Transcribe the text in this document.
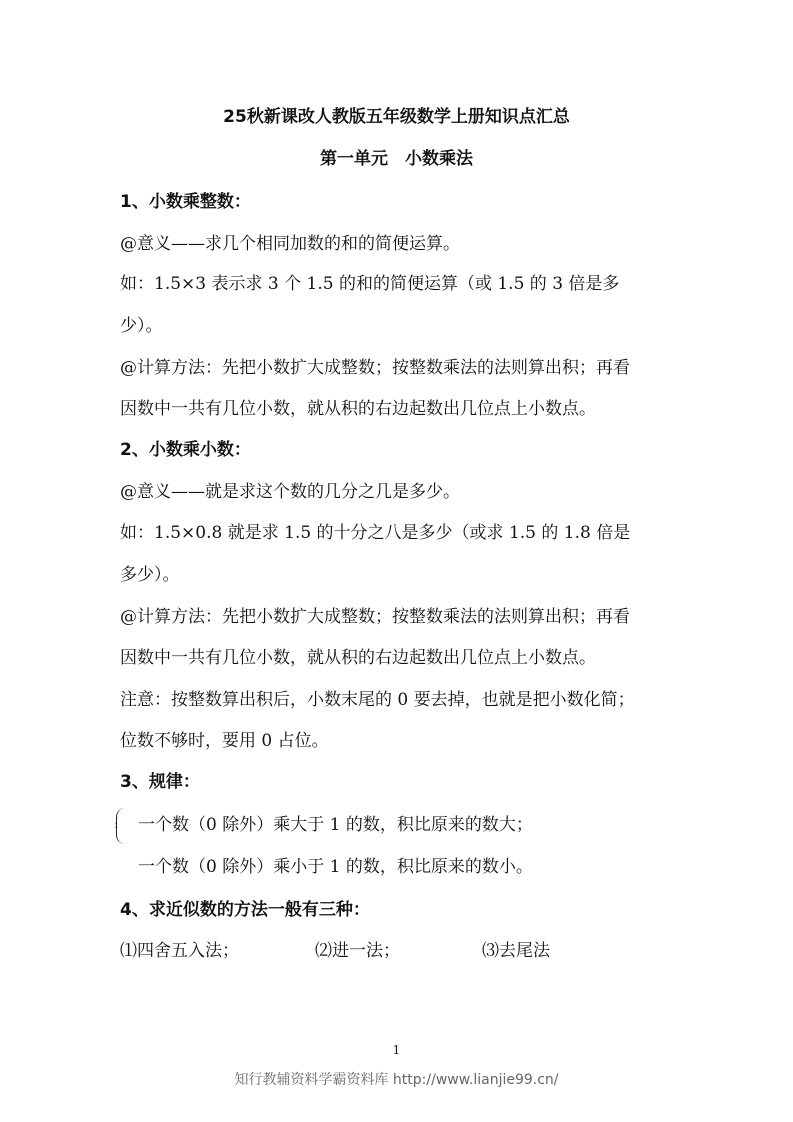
25秋新课改人教版五年级数学上册知识点汇总
第一单元　小数乘法
1、小数乘整数：
@意义——求几个相同加数的和的简便运算。
如：1.5×3 表示求 3 个 1.5 的和的简便运算（或 1.5 的 3 倍是多
少）。
@计算方法：先把小数扩大成整数；按整数乘法的法则算出积；再看
因数中一共有几位小数，就从积的右边起数出几位点上小数点。
2、小数乘小数：
@意义——就是求这个数的几分之几是多少。
如：1.5×0.8 就是求 1.5 的十分之八是多少（或求 1.5 的 1.8 倍是
多少）。
@计算方法：先把小数扩大成整数；按整数乘法的法则算出积；再看
因数中一共有几位小数，就从积的右边起数出几位点上小数点。
注意：按整数算出积后，小数末尾的 0 要去掉，也就是把小数化简；
位数不够时，要用 0 占位。
3、规律：
一个数（0 除外）乘大于 1 的数，积比原来的数大；
一个数（0 除外）乘小于 1 的数，积比原来的数小。
4、求近似数的方法一般有三种：
⑴四舍五入法；	⑵进一法；	⑶去尾法
1
知行教辅资料学霸资料库 http://www.lianjie99.cn/
